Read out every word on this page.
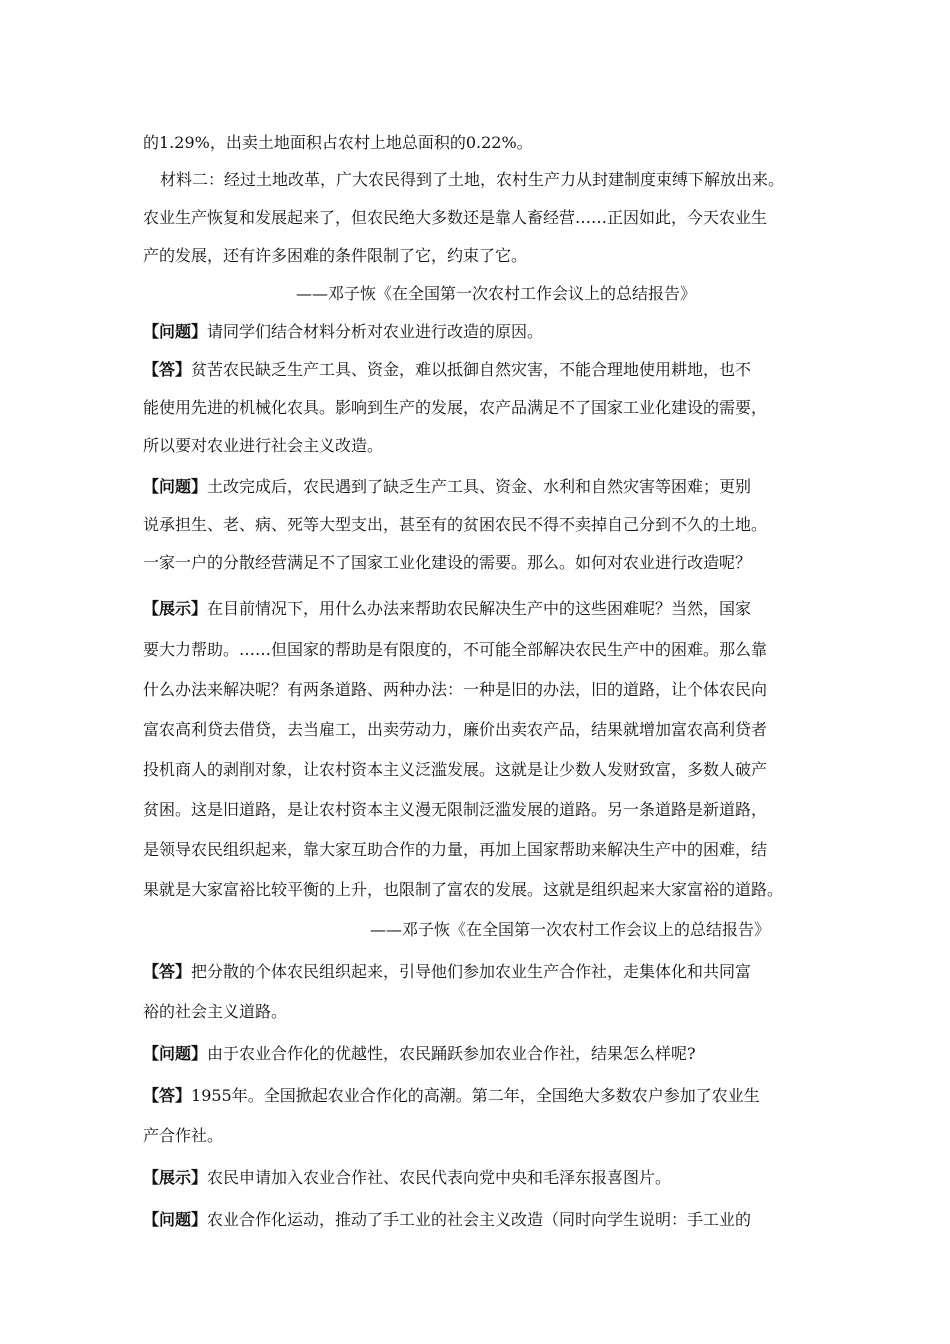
的1.29%，出卖土地面积占农村上地总面积的0.22%。
材料二：经过土地改革，广大农民得到了土地，农村生产力从封建制度束缚下解放出来。
农业生产恢复和发展起来了，但农民绝大多数还是靠人畜经营……正因如此，今天农业生
产的发展，还有许多困难的条件限制了它，约束了它。
——邓子恢《在全国第一次农村工作会议上的总结报告》
【问题】请同学们结合材料分析对农业进行改造的原因。
【答】贫苦农民缺乏生产工具、资金，难以抵御自然灾害，不能合理地使用耕地，也不
能使用先进的机械化农具。影响到生产的发展，农产品满足不了国家工业化建设的需要，
所以要对农业进行社会主义改造。
【问题】土改完成后，农民遇到了缺乏生产工具、资金、水利和自然灾害等困难；更别
说承担生、老、病、死等大型支出，甚至有的贫困农民不得不卖掉自己分到不久的土地。
一家一户的分散经营满足不了国家工业化建设的需要。那么。如何对农业进行改造呢？
【展示】在目前情况下，用什么办法来帮助农民解决生产中的这些困难呢？当然，国家
要大力帮助。……但国家的帮助是有限度的，不可能全部解决农民生产中的困难。那么靠
什么办法来解决呢？有两条道路、两种办法：一种是旧的办法，旧的道路，让个体农民向
富农高利贷去借贷，去当雇工，出卖劳动力，廉价出卖农产品，结果就增加富农高利贷者
投机商人的剥削对象，让农村资本主义泛滥发展。这就是让少数人发财致富，多数人破产
贫困。这是旧道路，是让农村资本主义漫无限制泛滥发展的道路。另一条道路是新道路，
是领导农民组织起来，靠大家互助合作的力量，再加上国家帮助来解决生产中的困难，结
果就是大家富裕比较平衡的上升，也限制了富农的发展。这就是组织起来大家富裕的道路。
——邓子恢《在全国第一次农村工作会议上的总结报告》
【答】把分散的个体农民组织起来，引导他们参加农业生产合作社，走集体化和共同富
裕的社会主义道路。
【问题】由于农业合作化的优越性，农民踊跃参加农业合作社，结果怎么样呢?
【答】1955年。全国掀起农业合作化的高潮。第二年，全国绝大多数农户参加了农业生
产合作社。
【展示】农民申请加入农业合作社、农民代表向党中央和毛泽东报喜图片。
【问题】农业合作化运动，推动了手工业的社会主义改造（同时向学生说明：手工业的
